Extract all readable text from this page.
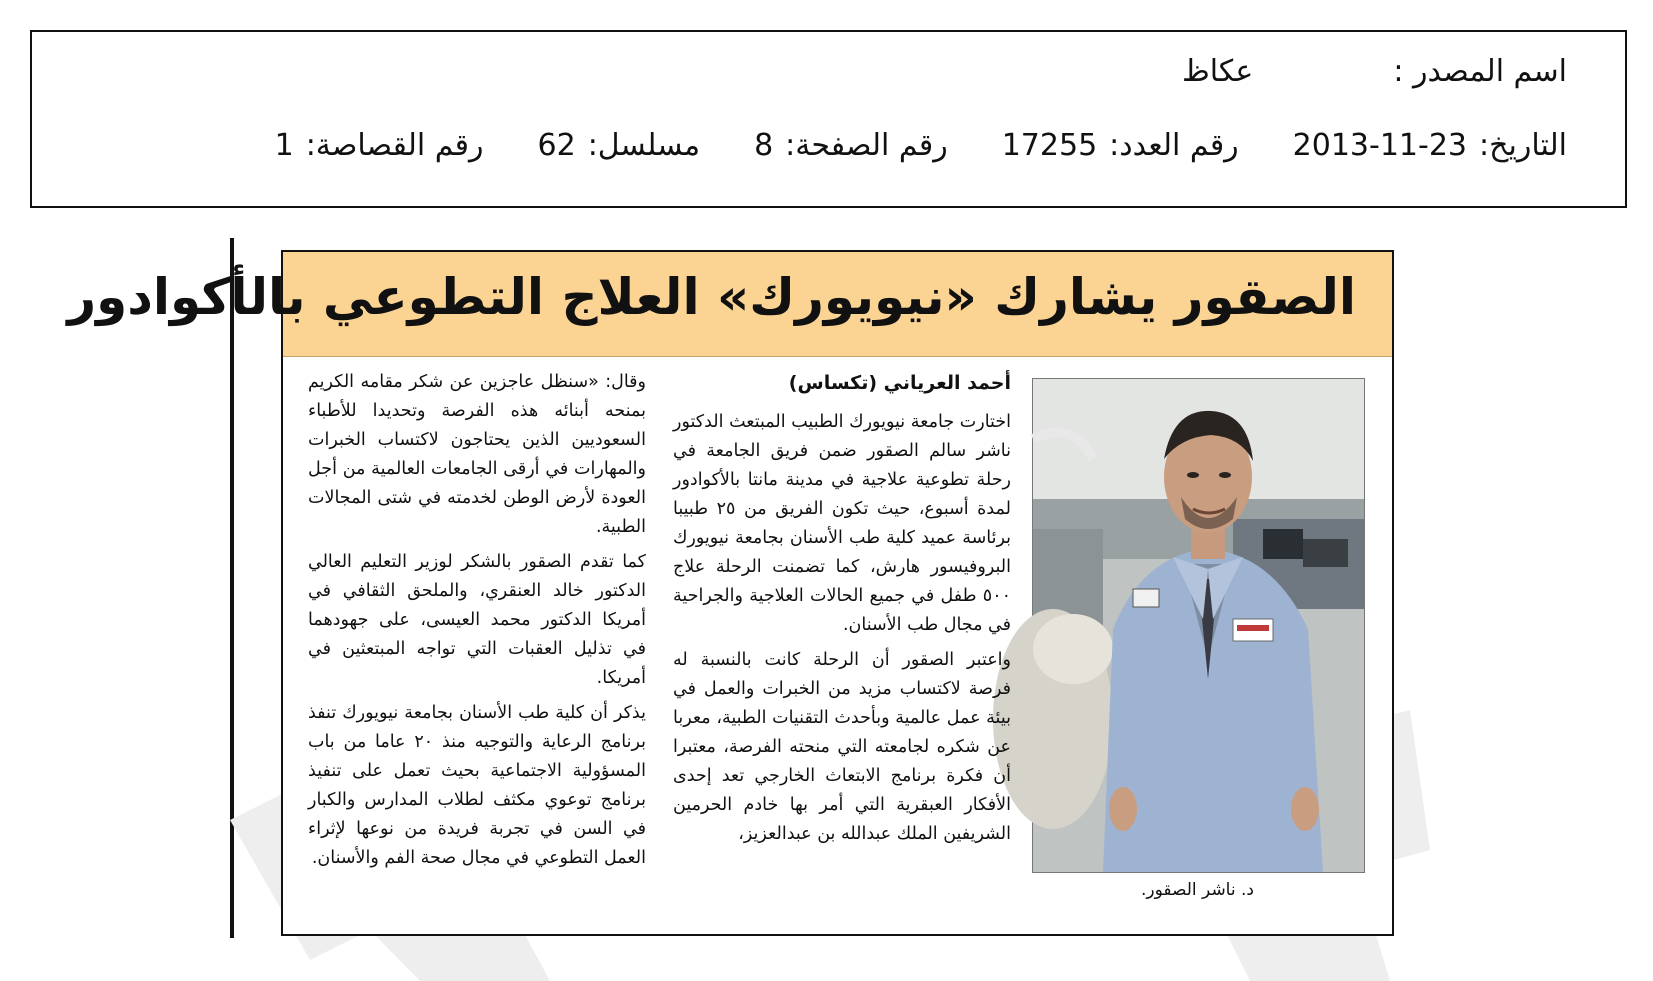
اسم المصدر :
عكاظ
التاريخ:
2013-11-23
رقم العدد:
17255
رقم الصفحة:
8
مسلسل:
62
رقم القصاصة:
1
الصقور يشارك «نيويورك» العلاج التطوعي بالأكوادور
د. ناشر الصقور.
أحمد العرياني (تكساس)

اختارت جامعة نيويورك الطبيب المبتعث الدكتور ناشر سالم الصقور ضمن فريق الجامعة في رحلة تطوعية علاجية في مدينة مانتا بالأكوادور لمدة أسبوع، حيث تكون الفريق من ٢٥ طبيبا برئاسة عميد كلية طب الأسنان بجامعة نيويورك البروفيسور هارش، كما تضمنت الرحلة علاج ٥٠٠ طفل في جميع الحالات العلاجية والجراحية في مجال طب الأسنان.

واعتبر الصقور أن الرحلة كانت بالنسبة له فرصة لاكتساب مزيد من الخبرات والعمل في بيئة عمل عالمية وبأحدث التقنيات الطبية، معربا عن شكره لجامعته التي منحته الفرصة، معتبرا أن فكرة برنامج الابتعاث الخارجي تعد إحدى الأفكار العبقرية التي أمر بها خادم الحرمين الشريفين الملك عبدالله بن عبدالعزيز،

وقال: «سنظل عاجزين عن شكر مقامه الكريم بمنحه أبنائه هذه الفرصة وتحديدا للأطباء السعوديين الذين يحتاجون لاكتساب الخبرات والمهارات في أرقى الجامعات العالمية من أجل العودة لأرض الوطن لخدمته في شتى المجالات الطبية.

كما تقدم الصقور بالشكر لوزير التعليم العالي الدكتور خالد العنقري، والملحق الثقافي في أمريكا الدكتور محمد العيسى، على جهودهما في تذليل العقبات التي تواجه المبتعثين في أمريكا.

يذكر أن كلية طب الأسنان بجامعة نيويورك تنفذ برنامج الرعاية والتوجيه منذ ٢٠ عاما من باب المسؤولية الاجتماعية بحيث تعمل على تنفيذ برنامج توعوي مكثف لطلاب المدارس والكبار في السن في تجربة فريدة من نوعها لإثراء العمل التطوعي في مجال صحة الفم والأسنان.
